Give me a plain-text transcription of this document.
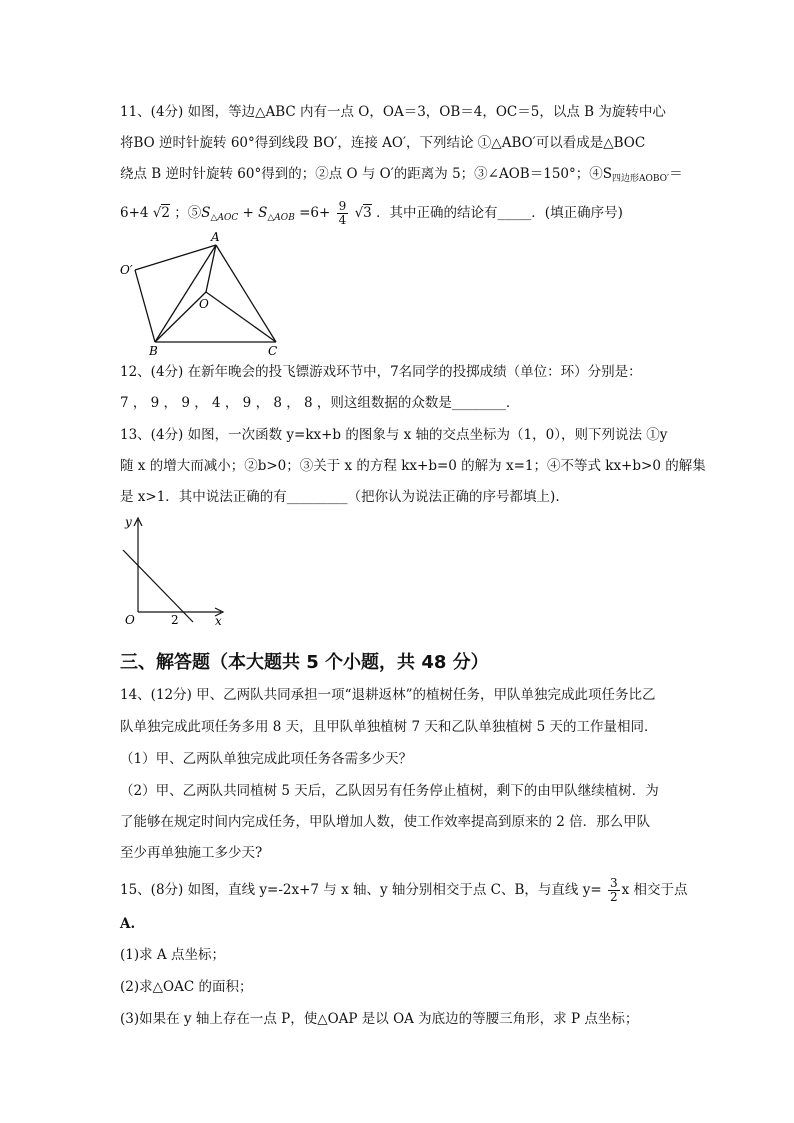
11、(4分) 如图，等边△ABC 内有一点 O，OA＝3，OB＝4，OC＝5，以点 B 为旋转中心
将BO 逆时针旋转 60°得到线段 BO′，连接 AO′，下列结论 ①△ABO′可以看成是△BOC
绕点 B 逆时针旋转 60°得到的；②点 O 与 O′的距离为 5；③∠AOB＝150°；$④S_{四边形AOBO'}=$
6+4 √2 ；$⑤S_{\triangle AOC} + S_{\triangle AOB} =6+ \frac{9}{4} √3$ ．其中正确的结论有_____．(填正确序号)
A
O′
O
B	C
12、(4分) 在新年晚会的投飞镖游戏环节中，7名同学的投掷成绩（单位：环）分别是：
7 ， 9 ， 9 ， 4 ， 9 ， 8 ， 8 ，则这组数据的众数是________．
13、(4分) 如图，一次函数 y=kx+b 的图象与 x 轴的交点坐标为（1，0），则下列说法 ①y
随 x 的增大而减小；②b>0；③关于 x 的方程 kx+b=0 的解为 x=1；④不等式 kx+b>0 的解集
是 x>1．其中说法正确的有_________（把你认为说法正确的序号都填上).
y
x
O	2
三、解答题（本大题共 5 个小题，共 48 分）
14、(12分) 甲、乙两队共同承担一项“退耕返林”的植树任务，甲队单独完成此项任务比乙
队单独完成此项任务多用 8 天，且甲队单独植树 7 天和乙队单独植树 5 天的工作量相同．
（1）甲、乙两队单独完成此项任务各需多少天？
（2）甲、乙两队共同植树 5 天后，乙队因另有任务停止植树，剩下的由甲队继续植树．为
了能够在规定时间内完成任务，甲队增加人数，使工作效率提高到原来的 2 倍．那么甲队
至少再单独施工多少天?
15、(8分) 如图，直线 y=-2x+7 与 x 轴、y 轴分别相交于点 C、B，与直线 $y= \frac{3}{2}$ x 相交于点
A.
(1)求 A 点坐标；
(2)求△OAC 的面积；
(3)如果在 y 轴上存在一点 P，使△OAP 是以 OA 为底边的等腰三角形，求 P 点坐标；
